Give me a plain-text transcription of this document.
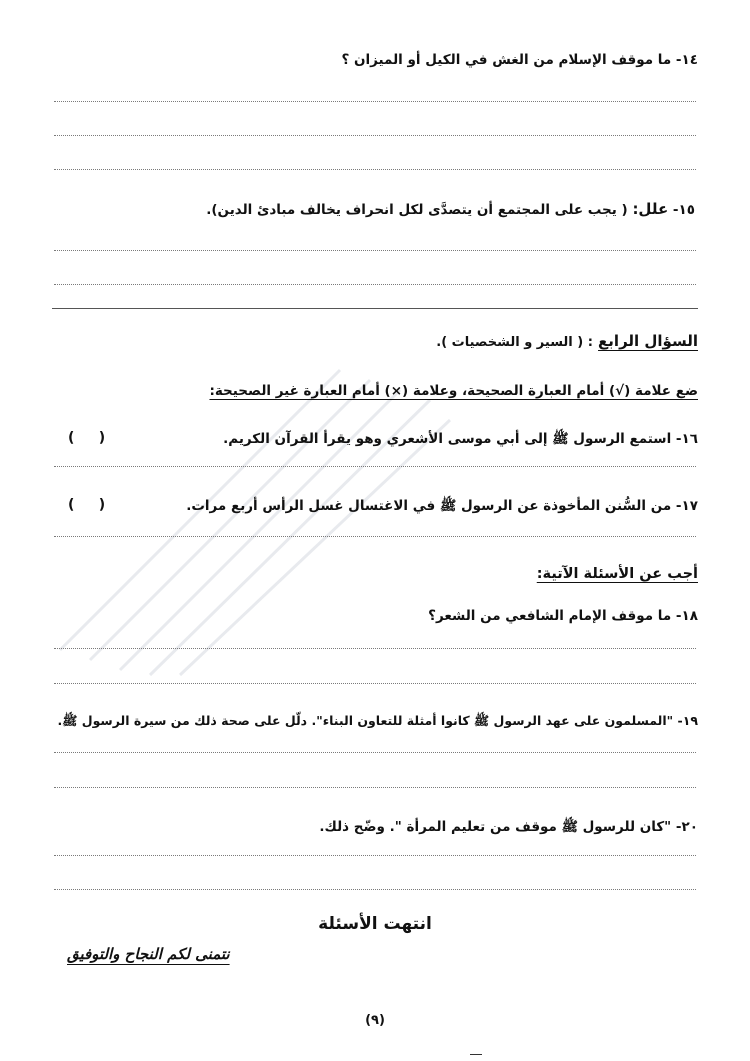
١٤- ما موقف الإسلام من الغش في الكيل أو الميزان ؟
١٥- علل: ( يجب على المجتمع أن يتصدَّى لكل انحراف يخالف مبادئ الدين).
السؤال الرابع : ( السير و الشخصيات ).
ضع علامة (√) أمام العبارة الصحيحة، وعلامة (×) أمام العبارة غير الصحيحة:
١٦- استمع الرسول ﷺ إلى أبي موسى الأشعري وهو يقرأ القرآن الكريم.
(     )
١٧- من السُّنن المأخوذة عن الرسول ﷺ في الاغتسال غسل الرأس أربع مرات.
(     )
أجب عن الأسئلة الآتية:
١٨- ما موقف الإمام الشافعي من الشعر؟
١٩- "المسلمون على عهد الرسول ﷺ كانوا أمثلة للتعاون البناء". دلّل على صحة ذلك من سيرة الرسول ﷺ.
٢٠- "كان للرسول ﷺ موقف من تعليم المرأة ". وضّح ذلك.
انتهت الأسئلة
نتمنى لكم النجاح والتوفيق
(٩)
